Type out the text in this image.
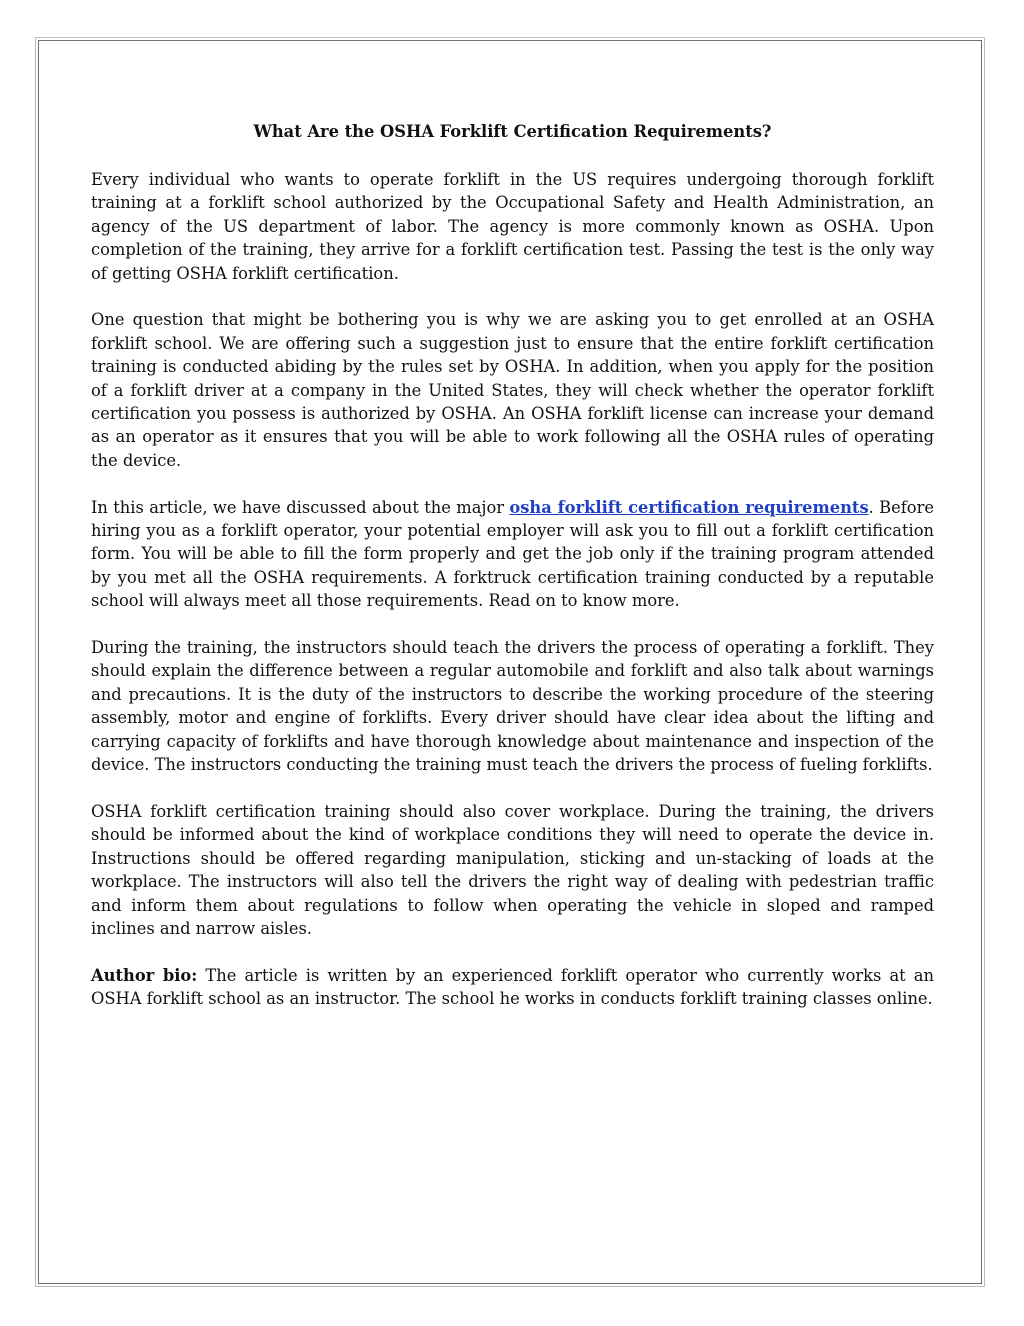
What Are the OSHA Forklift Certification Requirements?

Every individual who wants to operate forklift in the US requires undergoing thorough forklift training at a forklift school authorized by the Occupational Safety and Health Administration, an agency of the US department of labor. The agency is more commonly known as OSHA. Upon completion of the training, they arrive for a forklift certification test. Passing the test is the only way of getting OSHA forklift certification.

One question that might be bothering you is why we are asking you to get enrolled at an OSHA forklift school. We are offering such a suggestion just to ensure that the entire forklift certification training is conducted abiding by the rules set by OSHA. In addition, when you apply for the position of a forklift driver at a company in the United States, they will check whether the operator forklift certification you possess is authorized by OSHA. An OSHA forklift license can increase your demand as an operator as it ensures that you will be able to work following all the OSHA rules of operating the device.

In this article, we have discussed about the major osha forklift certification requirements. Before hiring you as a forklift operator, your potential employer will ask you to fill out a forklift certification form. You will be able to fill the form properly and get the job only if the training program attended by you met all the OSHA requirements. A forktruck certification training conducted by a reputable school will always meet all those requirements. Read on to know more.

During the training, the instructors should teach the drivers the process of operating a forklift. They should explain the difference between a regular automobile and forklift and also talk about warnings and precautions. It is the duty of the instructors to describe the working procedure of the steering assembly, motor and engine of forklifts. Every driver should have clear idea about the lifting and carrying capacity of forklifts and have thorough knowledge about maintenance and inspection of the device. The instructors conducting the training must teach the drivers the process of fueling forklifts.

OSHA forklift certification training should also cover workplace. During the training, the drivers should be informed about the kind of workplace conditions they will need to operate the device in. Instructions should be offered regarding manipulation, sticking and un-stacking of loads at the workplace. The instructors will also tell the drivers the right way of dealing with pedestrian traffic and inform them about regulations to follow when operating the vehicle in sloped and ramped inclines and narrow aisles.

Author bio: The article is written by an experienced forklift operator who currently works at an OSHA forklift school as an instructor. The school he works in conducts forklift training classes online.
